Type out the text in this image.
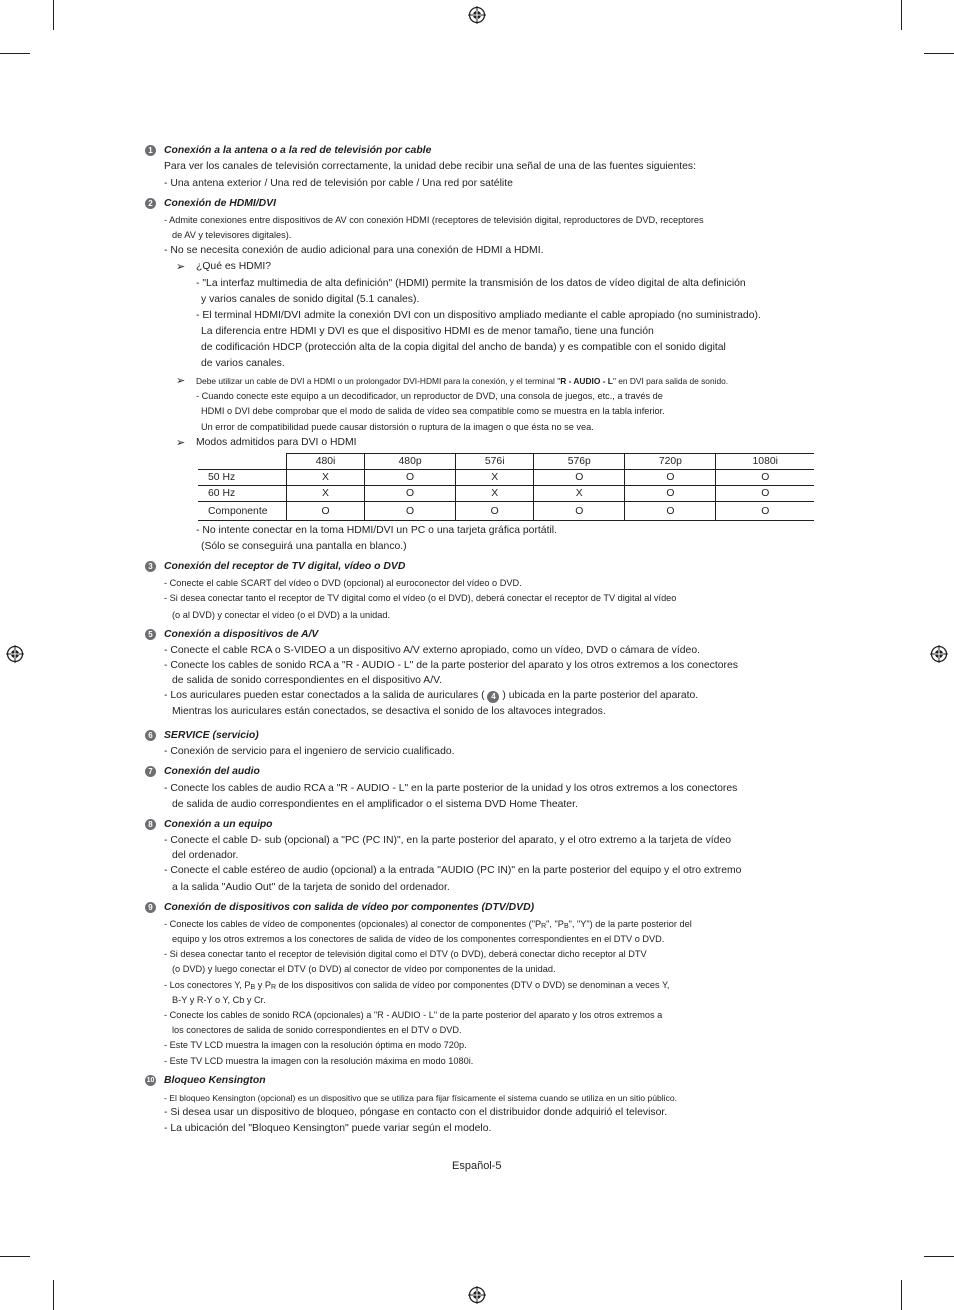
1	Conexión a la antena o a la red de televisión por cable
Para ver los canales de televisión correctamente, la unidad debe recibir una señal de una de las fuentes siguientes:
- Una antena exterior / Una red de televisión por cable / Una red por satélite
2	Conexión de HDMI/DVI
- Admite conexiones entre dispositivos de AV con conexión HDMI (receptores de televisión digital, reproductores de DVD, receptores
de AV y televisores digitales).
- No se necesita conexión de audio adicional para una conexión de HDMI a HDMI.
➢ ¿Qué es HDMI?
- "La interfaz multimedia de alta definición" (HDMI) permite la transmisión de los datos de vídeo digital de alta definición
y varios canales de sonido digital (5.1 canales).
- El terminal HDMI/DVI admite la conexión DVI con un dispositivo ampliado mediante el cable apropiado (no suministrado).
La diferencia entre HDMI y DVI es que el dispositivo HDMI es de menor tamaño, tiene una función
de codificación HDCP (protección alta de la copia digital del ancho de banda) y es compatible con el sonido digital
de varios canales.
➢ Debe utilizar un cable de DVI a HDMI o un prolongador DVI-HDMI para la conexión, y el terminal "R - AUDIO - L" en DVI para salida de sonido.
- Cuando conecte este equipo a un decodificador, un reproductor de DVD, una consola de juegos, etc., a través de
HDMI o DVI debe comprobar que el modo de salida de vídeo sea compatible como se muestra en la tabla inferior.
Un error de compatibilidad puede causar distorsión o ruptura de la imagen o que ésta no se vea.
➢ Modos admitidos para DVI o HDMI
	480i	480p	576i	576p	720p	1080i
50 Hz	X	O	X	O	O	O
60 Hz	X	O	X	X	O	O
Componente	O	O	O	O	O	O
- No intente conectar en la toma HDMI/DVI un PC o una tarjeta gráfica portátil.
(Sólo se conseguirá una pantalla en blanco.)
3	Conexión del receptor de TV digital, vídeo o DVD
- Conecte el cable SCART del vídeo o DVD (opcional) al euroconector del vídeo o DVD.
- Si desea conectar tanto el receptor de TV digital como el vídeo (o el DVD), deberá conectar el receptor de TV digital al vídeo
(o al DVD) y conectar el vídeo (o el DVD) a la unidad.
5	Conexión a dispositivos de A/V
- Conecte el cable RCA o S-VIDEO a un dispositivo A/V externo apropiado, como un vídeo, DVD o cámara de vídeo.
- Conecte los cables de sonido RCA a "R - AUDIO - L" de la parte posterior del aparato y los otros extremos a los conectores
de salida de sonido correspondientes en el dispositivo A/V.
- Los auriculares pueden estar conectados a la salida de auriculares ( 4 ) ubicada en la parte posterior del aparato.
Mientras los auriculares están conectados, se desactiva el sonido de los altavoces integrados.
6	SERVICE (servicio)
- Conexión de servicio para el ingeniero de servicio cualificado.
7	Conexión del audio
- Conecte los cables de audio RCA a "R - AUDIO - L" en la parte posterior de la unidad y los otros extremos a los conectores
de salida de audio correspondientes en el amplificador o el sistema DVD Home Theater.
8	Conexión a un equipo
- Conecte el cable D- sub (opcional) a "PC (PC IN)", en la parte posterior del aparato, y el otro extremo a la tarjeta de vídeo
del ordenador.
- Conecte el cable estéreo de audio (opcional) a la entrada "AUDIO (PC IN)" en la parte posterior del equipo y el otro extremo
a la salida "Audio Out" de la tarjeta de sonido del ordenador.
9	Conexión de dispositivos con salida de vídeo por componentes (DTV/DVD)
- Conecte los cables de vídeo de componentes (opcionales) al conector de componentes ("$P_R$", "$P_B$", "Y") de la parte posterior del
equipo y los otros extremos a los conectores de salida de vídeo de los componentes correspondientes en el DTV o DVD.
- Si desea conectar tanto el receptor de televisión digital como el DTV (o DVD), deberá conectar dicho receptor al DTV
(o DVD) y luego conectar el DTV (o DVD) al conector de vídeo por componentes de la unidad.
- Los conectores Y, $P_B$ y $P_R$ de los dispositivos con salida de vídeo por componentes (DTV o DVD) se denominan a veces Y,
B-Y y R-Y o Y, Cb y Cr.
- Conecte los cables de sonido RCA (opcionales) a "R - AUDIO - L" de la parte posterior del aparato y los otros extremos a
los conectores de salida de sonido correspondientes en el DTV o DVD.
- Este TV LCD muestra la imagen con la resolución óptima en modo 720p.
- Este TV LCD muestra la imagen con la resolución máxima en modo 1080i.
10 Bloqueo Kensington
- El bloqueo Kensington (opcional) es un dispositivo que se utiliza para fijar físicamente el sistema cuando se utiliza en un sitio público.
- Si desea usar un dispositivo de bloqueo, póngase en contacto con el distribuidor donde adquirió el televisor.
- La ubicación del "Bloqueo Kensington" puede variar según el modelo.
Español-5
